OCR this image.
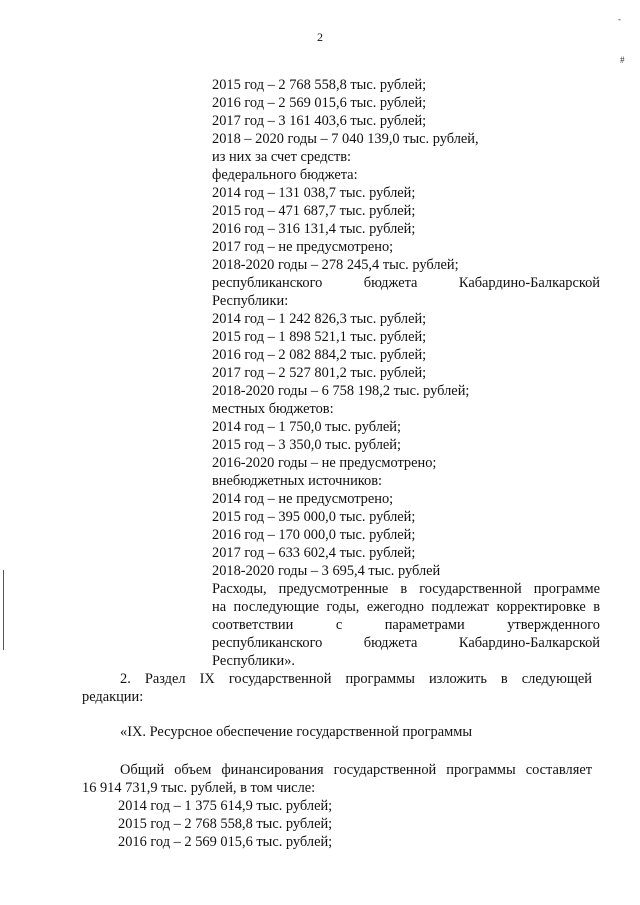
2
-
#
2015 год – 2 768 558,8 тыс. рублей;
2016 год – 2 569 015,6 тыс. рублей;
2017 год – 3 161 403,6 тыс. рублей;
2018 – 2020 годы – 7 040 139,0 тыс. рублей,
из них за счет средств:
федерального бюджета:
2014 год – 131 038,7 тыс. рублей;
2015 год – 471 687,7 тыс. рублей;
2016 год – 316 131,4 тыс. рублей;
2017 год – не предусмотрено;
2018-2020 годы – 278 245,4 тыс. рублей;
республиканского бюджета Кабардино-Балкарской
Республики:
2014 год – 1 242 826,3 тыс. рублей;
2015 год – 1 898 521,1 тыс. рублей;
2016 год – 2 082 884,2 тыс. рублей;
2017 год – 2 527 801,2 тыс. рублей;
2018-2020 годы – 6 758 198,2 тыс. рублей;
местных бюджетов:
2014 год – 1 750,0 тыс. рублей;
2015 год – 3 350,0 тыс. рублей;
2016-2020 годы – не предусмотрено;
внебюджетных источников:
2014 год – не предусмотрено;
2015 год – 395 000,0 тыс. рублей;
2016 год – 170 000,0 тыс. рублей;
2017 год – 633 602,4 тыс. рублей;
2018-2020 годы – 3 695,4 тыс. рублей
Расходы, предусмотренные в государственной программе
на последующие годы, ежегодно подлежат корректировке в
соответствии с параметрами утвержденного
республиканского бюджета Кабардино-Балкарской
Республики».
2. Раздел IX государственной программы изложить в следующей
редакции:
«IX. Ресурсное обеспечение государственной программы
Общий объем финансирования государственной программы составляет
16 914 731,9 тыс. рублей, в том числе:
2014 год – 1 375 614,9 тыс. рублей;
2015 год – 2 768 558,8 тыс. рублей;
2016 год – 2 569 015,6 тыс. рублей;
